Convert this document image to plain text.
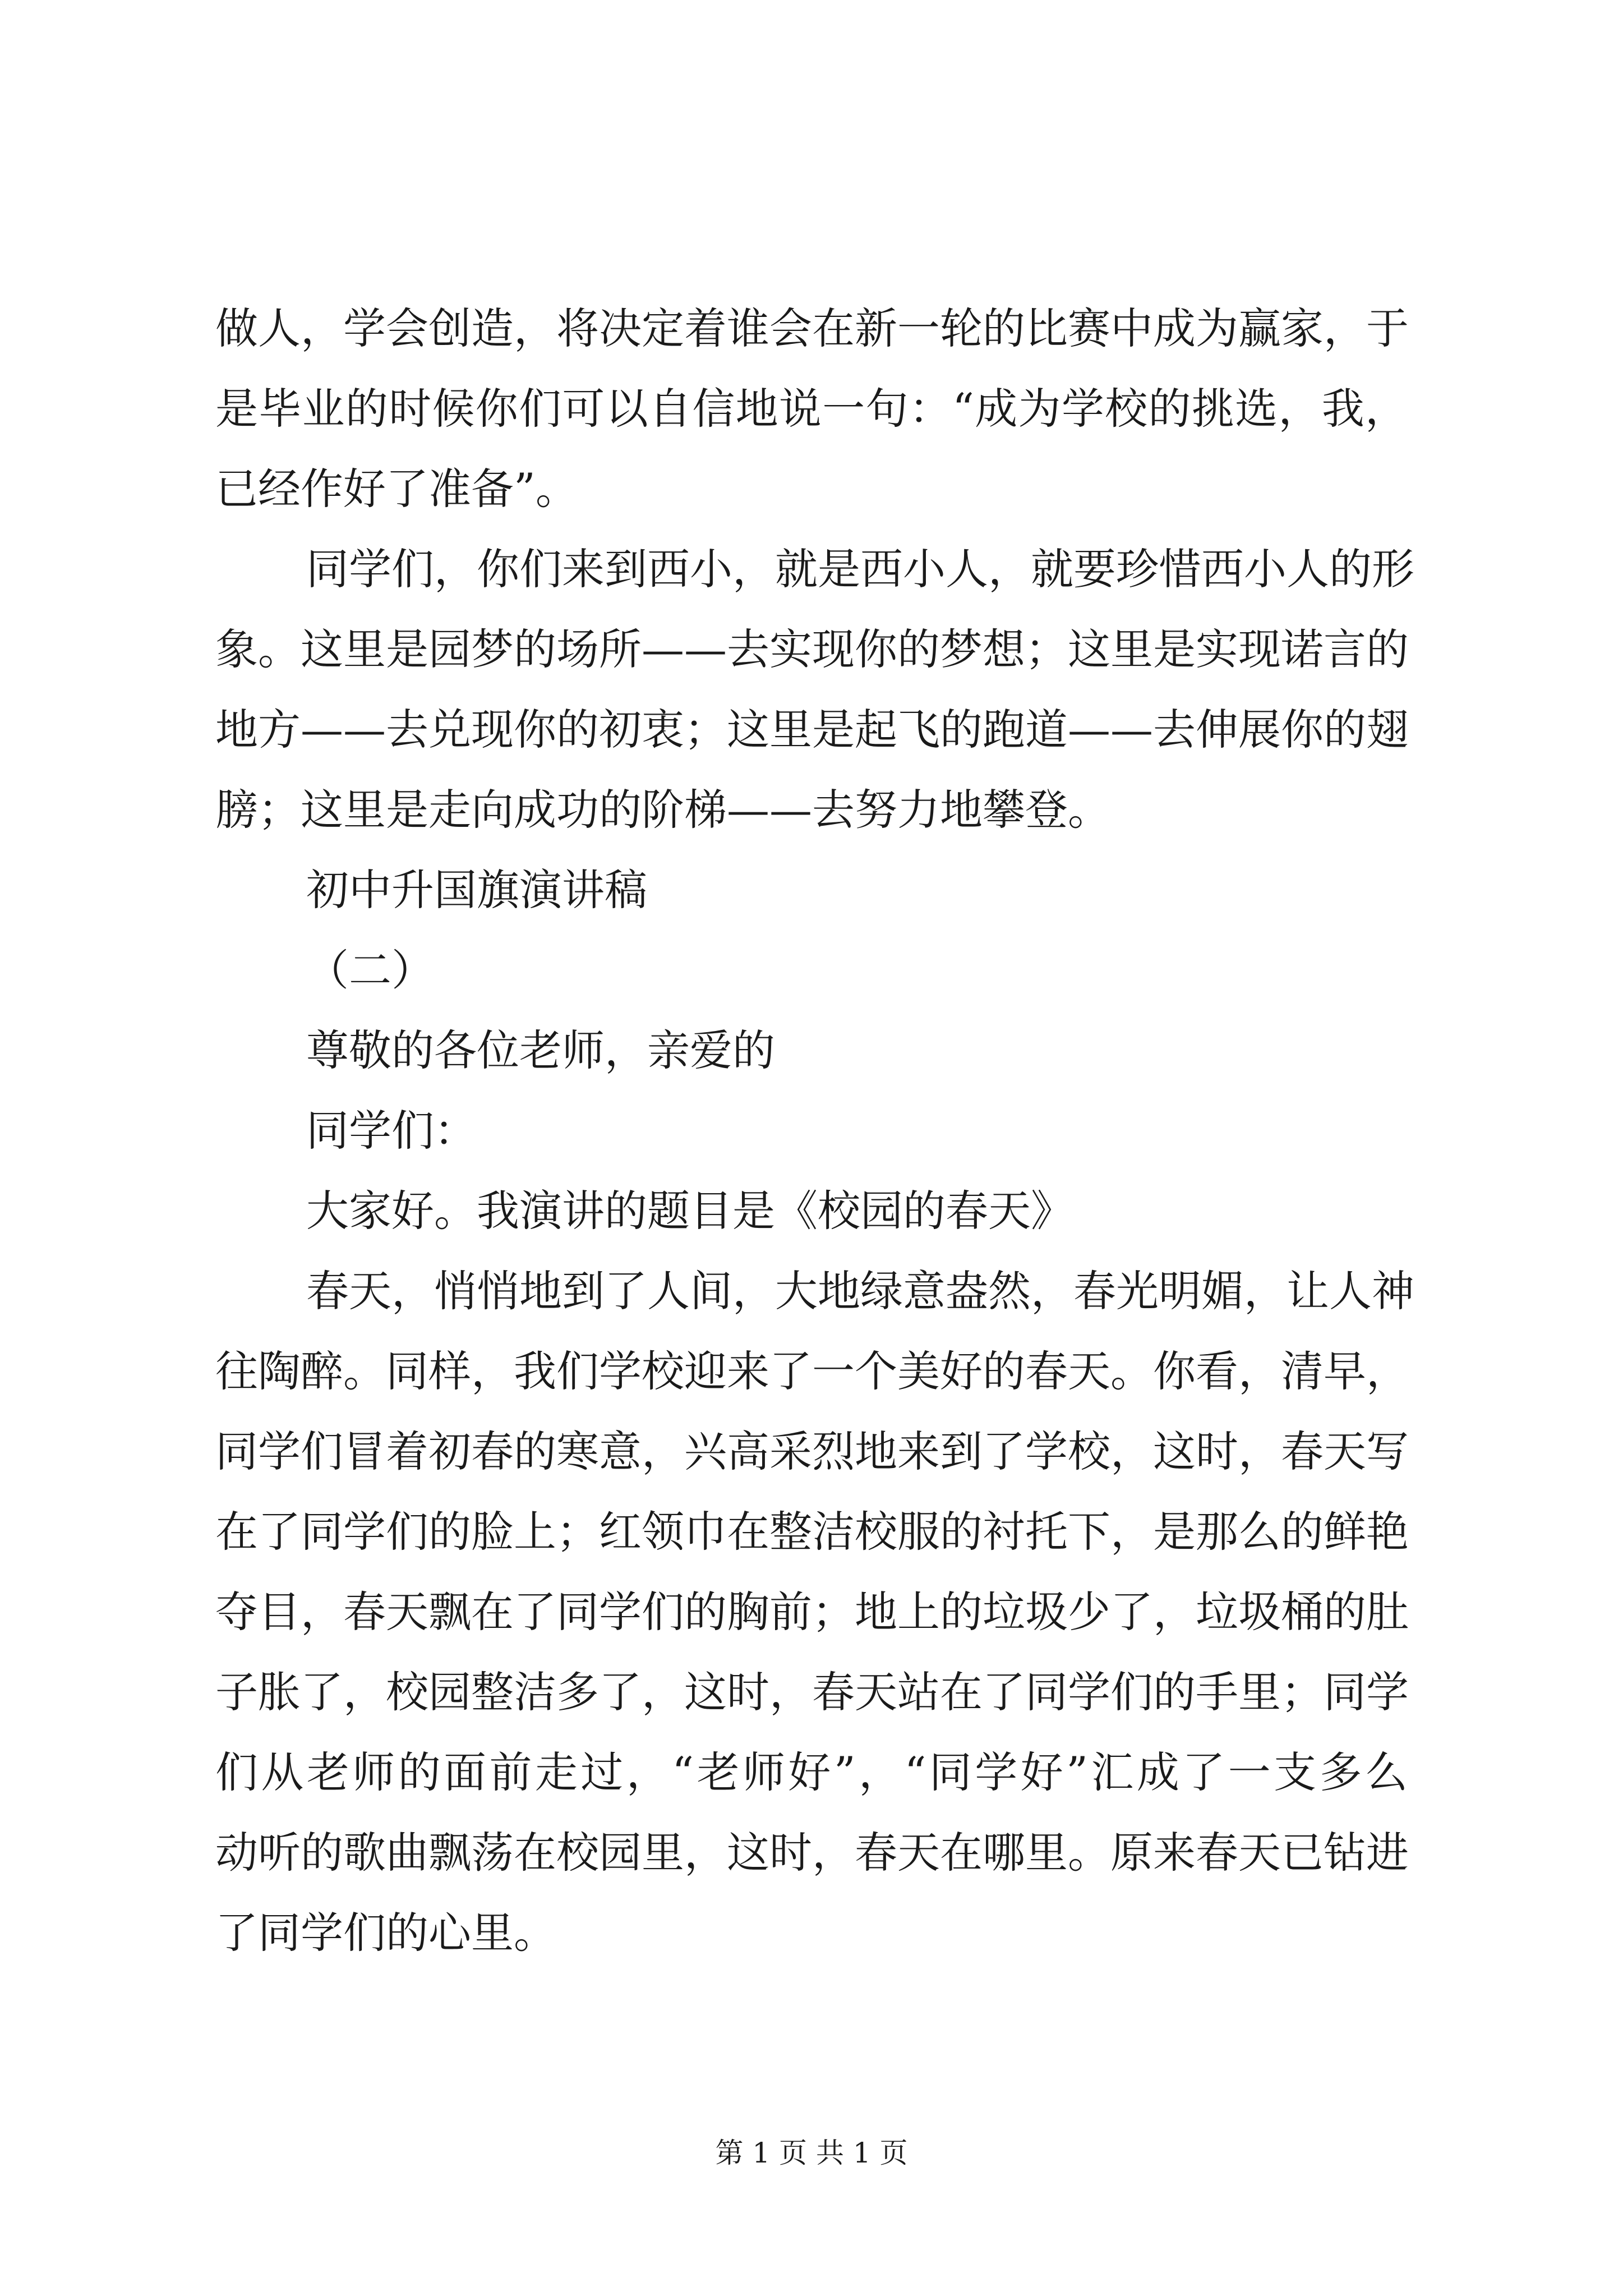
做人，学会创造，将决定着谁会在新一轮的比赛中成为赢家，于
是毕业的时候你们可以自信地说一句：“成为学校的挑选，我，
已经作好了准备”。
同学们，你们来到西小，就是西小人，就要珍惜西小人的形
象。这里是园梦的场所——去实现你的梦想；这里是实现诺言的
地方——去兑现你的初衷；这里是起飞的跑道——去伸展你的翅
膀；这里是走向成功的阶梯——去努力地攀登。
初中升国旗演讲稿
（二）
尊敬的各位老师，亲爱的
同学们：
大家好。我演讲的题目是《校园的春天》
春天，悄悄地到了人间，大地绿意盎然，春光明媚，让人神
往陶醉。同样，我们学校迎来了一个美好的春天。你看，清早，
同学们冒着初春的寒意，兴高采烈地来到了学校，这时，春天写
在了同学们的脸上；红领巾在整洁校服的衬托下，是那么的鲜艳
夺目，春天飘在了同学们的胸前；地上的垃圾少了，垃圾桶的肚
子胀了，校园整洁多了，这时，春天站在了同学们的手里；同学
们从老师的面前走过，“老师好”，“同学好”汇成了一支多么
动听的歌曲飘荡在校园里，这时，春天在哪里。原来春天已钻进
了同学们的心里。
第 1 页 共 1 页
